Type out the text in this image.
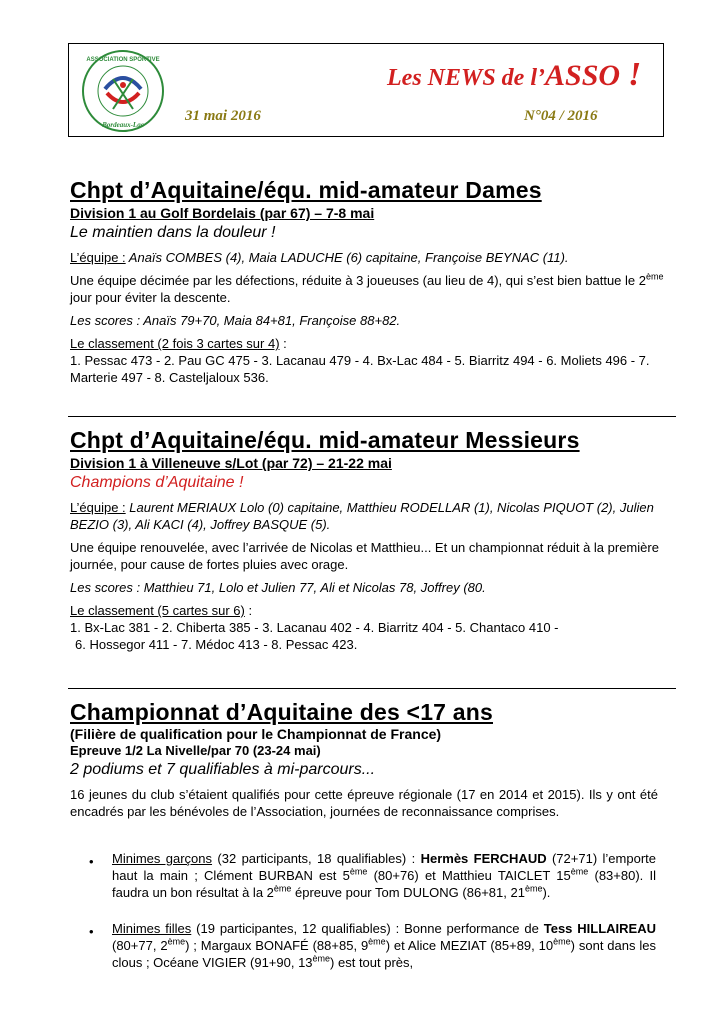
ASSOCIATION SPORTIVE
Bordeaux-Lac
Les NEWS de l’ASSO !
31 mai 2016	N°04 / 2016
Chpt d’Aquitaine/équ. mid-amateur Dames
Division 1 au Golf Bordelais (par 67) – 7-8 mai
Le maintien dans la douleur !

L’équipe : Anaïs COMBES (4), Maia LADUCHE (6) capitaine, Françoise BEYNAC (11).

Une équipe décimée par les défections, réduite à 3 joueuses (au lieu de 4), qui s’est bien battue le 2ème jour pour éviter la descente.

Les scores : Anaïs 79+70, Maia 84+81, Françoise 88+82.

Le classement (2 fois 3 cartes sur 4) :

1. Pessac 473 - 2. Pau GC 475 - 3. Lacanau 479 - 4. Bx-Lac 484 - 5. Biarritz 494 - 6. Moliets 496 - 7. Marterie 497 - 8. Casteljaloux 536.

Chpt d’Aquitaine/équ. mid-amateur Messieurs
Division 1 à Villeneuve s/Lot (par 72) – 21-22 mai
Champions d’Aquitaine !

L’équipe : Laurent MERIAUX Lolo (0) capitaine, Matthieu RODELLAR (1), Nicolas PIQUOT (2), Julien BEZIO (3), Ali KACI (4), Joffrey BASQUE (5).

Une équipe renouvelée, avec l’arrivée de Nicolas et Matthieu... Et un championnat réduit à la première journée, pour cause de fortes pluies avec orage.

Les scores : Matthieu 71, Lolo et Julien 77, Ali et Nicolas 78, Joffrey (80.

Le classement (5 cartes sur 6) :

1. Bx-Lac 381 - 2. Chiberta 385 - 3. Lacanau 402 - 4. Biarritz 404 - 5. Chantaco 410 -

6. Hossegor 411 - 7. Médoc 413 - 8. Pessac 423.

Championnat d’Aquitaine des <17 ans
(Filière de qualification pour le Championnat de France)
Epreuve 1/2 La Nivelle/par 70 (23-24 mai)
2 podiums et 7 qualifiables à mi-parcours...

16 jeunes du club s’étaient qualifiés pour cette épreuve régionale (17 en 2014 et 2015). Ils y ont été encadrés par les bénévoles de l’Association, journées de reconnaissance comprises.

• Minimes garçons (32 participants, 18 qualifiables) : Hermès FERCHAUD (72+71) l’emporte haut la main ; Clément BURBAN est 5ème (80+76) et Matthieu TAICLET 15ème (83+80). Il faudra un bon résultat à la 2ème épreuve pour Tom DULONG (86+81, 21ème).
• Minimes filles (19 participantes, 12 qualifiables) : Bonne performance de Tess HILLAIREAU (80+77, 2ème) ; Margaux BONAFÉ (88+85, 9ème) et Alice MEZIAT (85+89, 10ème) sont dans les clous ; Océane VIGIER (91+90, 13ème) est tout près,
